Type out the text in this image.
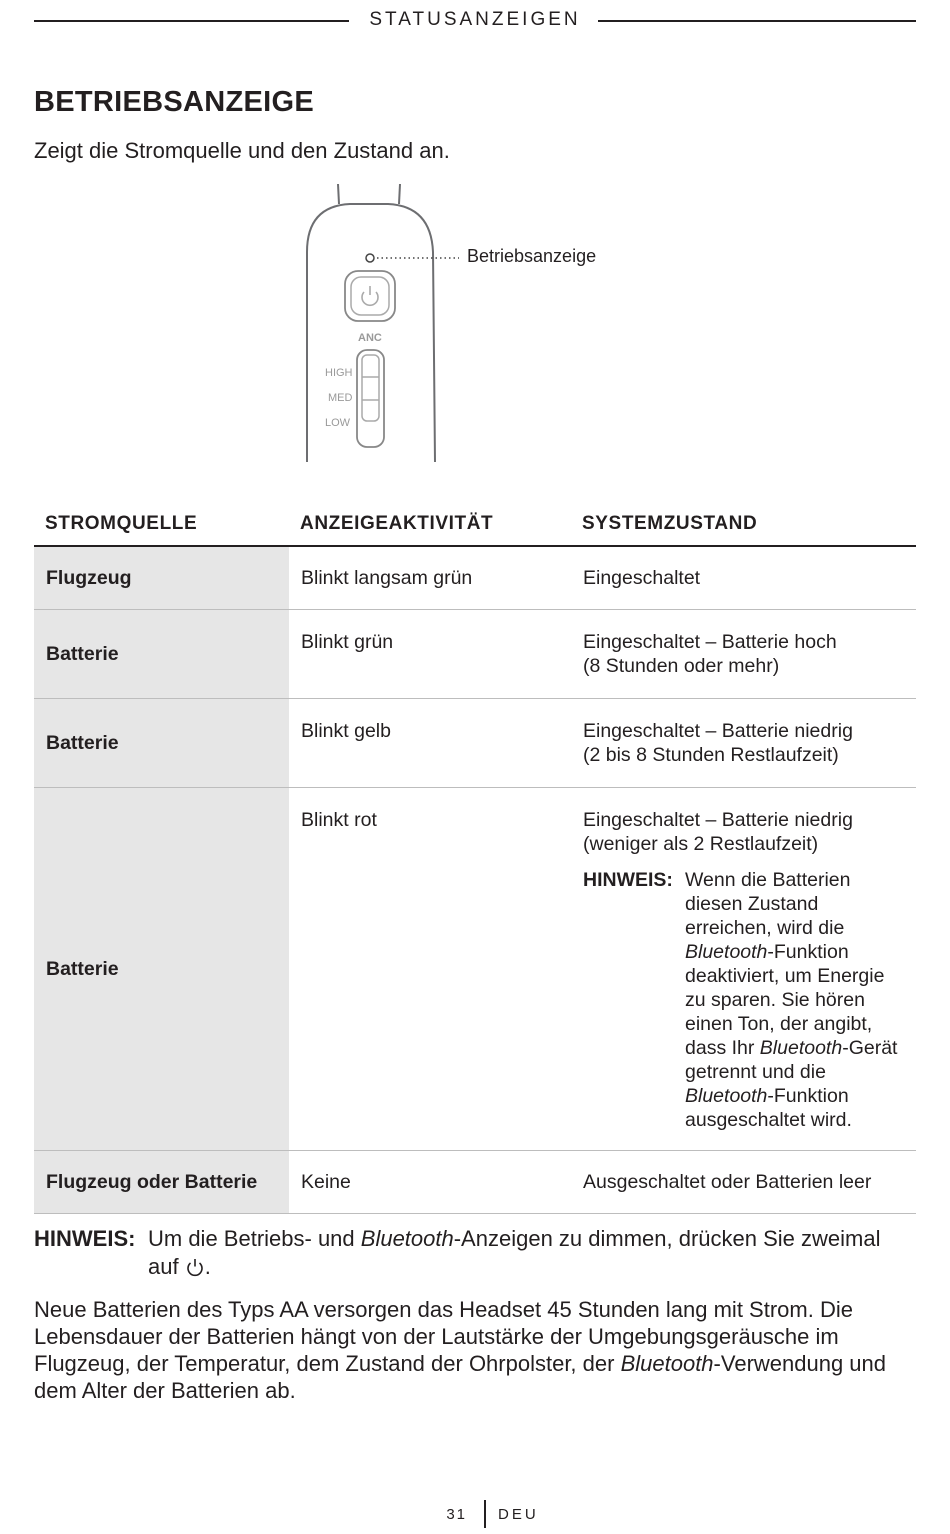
STATUSANZEIGEN
BETRIEBSANZEIGE
Zeigt die Stromquelle und den Zustand an.
Betriebsanzeige
ANC
HIGH
MED
LOW
STROMQUELLE	ANZEIGEAKTIVITÄT	SYSTEMZUSTAND
Flugzeug	Blinkt langsam grün	Eingeschaltet
Batterie	Blinkt grün	Eingeschaltet – Batterie hoch
(8 Stunden oder mehr)

Batterie	Blinkt gelb	Eingeschaltet – Batterie niedrig
(2 bis 8 Stunden Restlaufzeit)

Batterie	Blinkt rot	Eingeschaltet – Batterie niedrig
(weniger als 2 Restlaufzeit)
HINWEIS: Wenn die Batterien diesen Zustand erreichen, wird die Bluetooth-Funktion deaktiviert, um Energie zu sparen. Sie hören einen Ton, der angibt, dass Ihr Bluetooth-Gerät getrennt und die Bluetooth-Funktion ausgeschaltet wird.

Flugzeug oder Batterie	Keine	Ausgeschaltet oder Batterien leer
HINWEIS: Um die Betriebs- und Bluetooth-Anzeigen zu dimmen, drücken Sie zweimal auf .
Neue Batterien des Typs AA versorgen das Headset 45 Stunden lang mit Strom. Die Lebensdauer der Batterien hängt von der Lautstärke der Umgebungsgeräusche im Flugzeug, der Temperatur, dem Zustand der Ohrpolster, der Bluetooth-Verwendung und dem Alter der Batterien ab.
31 DEU
